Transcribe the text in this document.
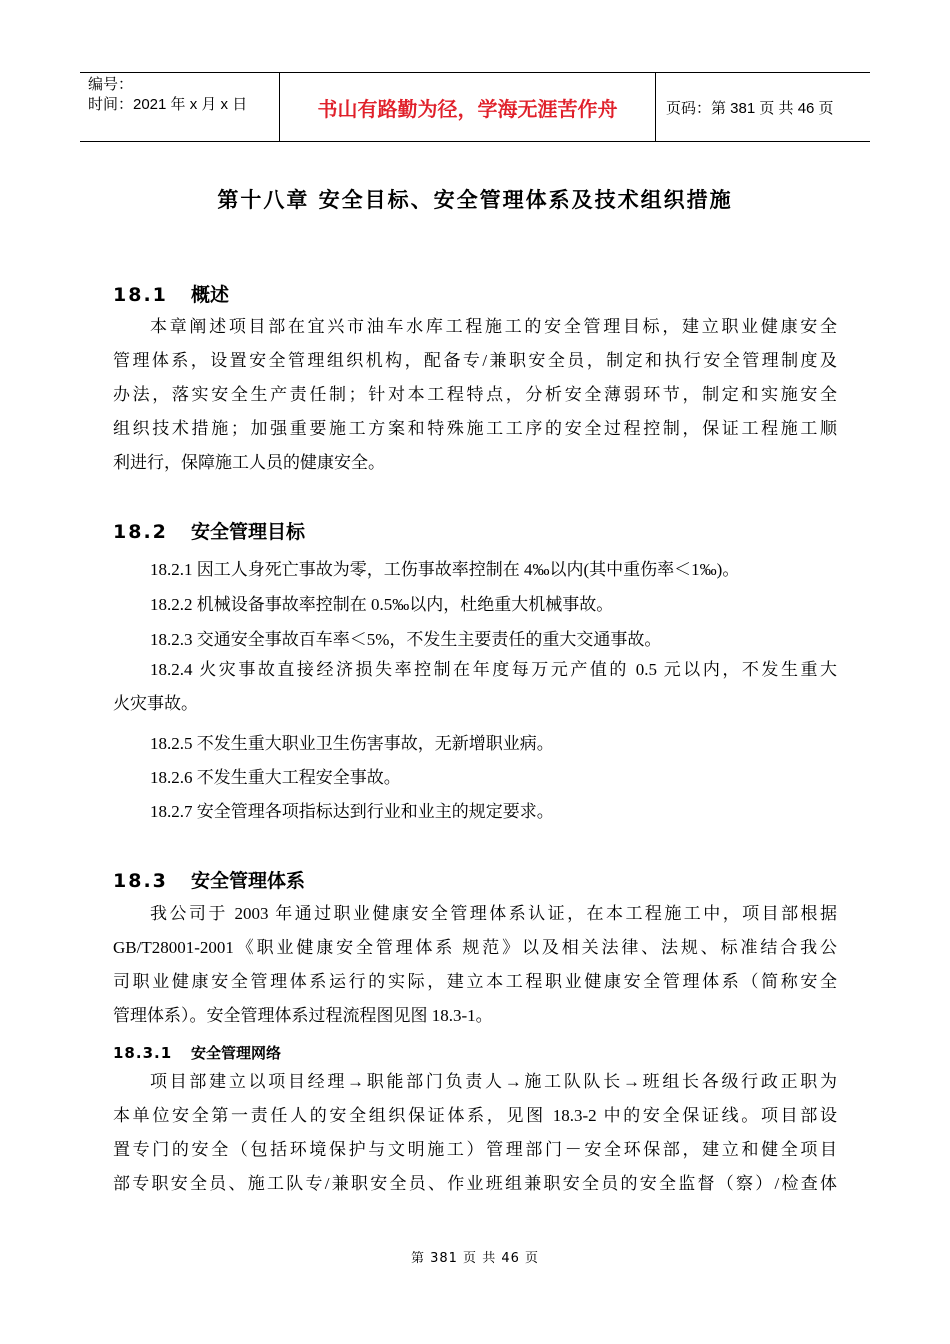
编号：
时间：2021 年 x 月 x 日	书山有路勤为径，学海无涯苦作舟	页码：第 381 页 共 46 页
第十八章 安全目标、安全管理体系及技术组织措施
18.1 概述
本章阐述项目部在宜兴市油车水库工程施工的安全管理目标，建立职业健康安全
管理体系，设置安全管理组织机构，配备专/兼职安全员，制定和执行安全管理制度及
办法，落实安全生产责任制；针对本工程特点，分析安全薄弱环节，制定和实施安全
组织技术措施；加强重要施工方案和特殊施工工序的安全过程控制，保证工程施工顺
利进行，保障施工人员的健康安全。
18.2 安全管理目标
18.2.1 因工人身死亡事故为零，工伤事故率控制在 4‰以内(其中重伤率＜1‰)。
18.2.2 机械设备事故率控制在 0.5‰以内，杜绝重大机械事故。
18.2.3 交通安全事故百车率＜5%，不发生主要责任的重大交通事故。
18.2.4 火灾事故直接经济损失率控制在年度每万元产值的 0.5 元以内，不发生重大
火灾事故。
18.2.5 不发生重大职业卫生伤害事故，无新增职业病。
18.2.6 不发生重大工程安全事故。
18.2.7 安全管理各项指标达到行业和业主的规定要求。
18.3 安全管理体系
我公司于 2003 年通过职业健康安全管理体系认证，在本工程施工中，项目部根据
GB/T28001-2001《职业健康安全管理体系 规范》以及相关法律、法规、标准结合我公
司职业健康安全管理体系运行的实际，建立本工程职业健康安全管理体系（简称安全
管理体系）。安全管理体系过程流程图见图 18.3-1。
18.3.1 安全管理网络
项目部建立以项目经理→职能部门负责人→施工队队长→班组长各级行政正职为
本单位安全第一责任人的安全组织保证体系，见图 18.3-2 中的安全保证线。项目部设
置专门的安全（包括环境保护与文明施工）管理部门－安全环保部，建立和健全项目
部专职安全员、施工队专/兼职安全员、作业班组兼职安全员的安全监督（察）/检查体
第 381 页 共 46 页
